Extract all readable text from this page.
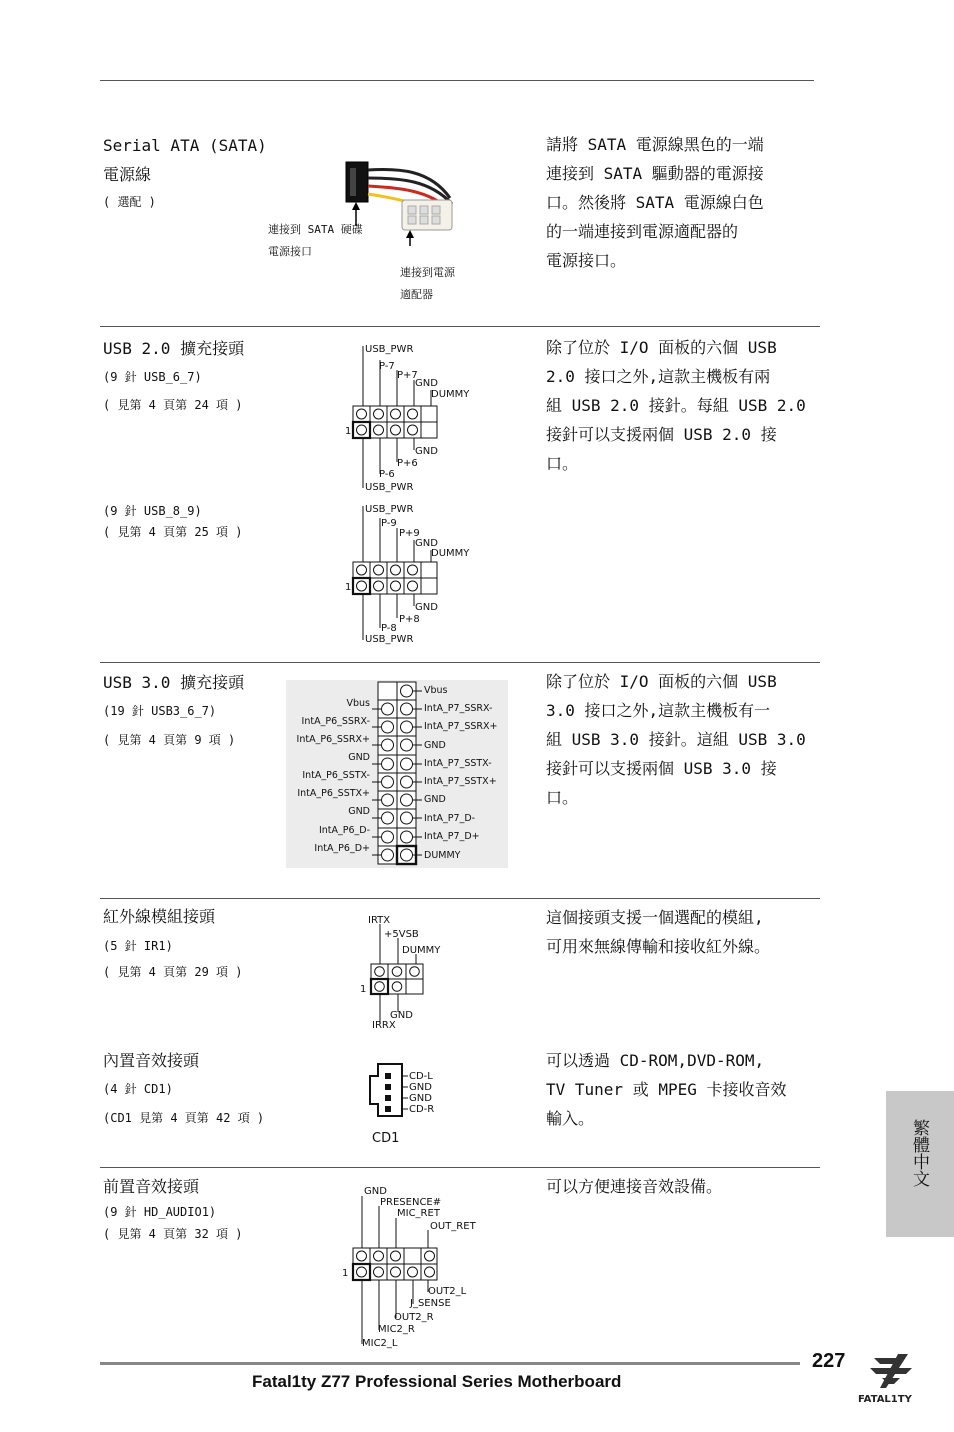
Serial ATA (SATA)
電源線
( 選配 )
連接到 SATA 硬碟
電源接口
連接到電源
適配器
請將 SATA 電源線黑色的一端
連接到 SATA 驅動器的電源接
口。然後將 SATA 電源線白色
的一端連接到電源適配器的
電源接口。
USB 2.0 擴充接頭
(9 針 USB_6_7)
( 見第 4 頁第 24 項 )
(9 針 USB_8_9)
( 見第 4 頁第 25 項 )
USB_PWR
P-7
P+7
GND
DUMMY
GND
P+6
P-6
USB_PWR
1
USB_PWR
P-9
P+9
GND
DUMMY
GND
P+8
P-8
USB_PWR
1
除了位於 I/O 面板的六個 USB
2.0 接口之外,這款主機板有兩
組 USB 2.0 接針。每組 USB 2.0
接針可以支援兩個 USB 2.0 接
口。
USB 3.0 擴充接頭
(19 針 USB3_6_7)
( 見第 4 頁第 9 項 )
Vbus
IntA_P6_SSRX-
IntA_P6_SSRX+
GND
IntA_P6_SSTX-
IntA_P6_SSTX+
GND
IntA_P6_D-
IntA_P6_D+
Vbus
IntA_P7_SSRX-
IntA_P7_SSRX+
GND
IntA_P7_SSTX-
IntA_P7_SSTX+
GND
IntA_P7_D-
IntA_P7_D+
DUMMY
除了位於 I/O 面板的六個 USB
3.0 接口之外,這款主機板有一
組 USB 3.0 接針。這組 USB 3.0
接針可以支援兩個 USB 3.0 接
口。
紅外線模組接頭
(5 針 IR1)
( 見第 4 頁第 29 項 )
IRTX
+5VSB
DUMMY
GND
IRRX
1
這個接頭支援一個選配的模組,
可用來無線傳輸和接收紅外線。
內置音效接頭
(4 針 CD1)
(CD1 見第 4 頁第 42 項 )
CD-L
GND
GND
CD-R
CD1
可以透過 CD-ROM,DVD-ROM,
TV Tuner 或 MPEG 卡接收音效
輸入。
前置音效接頭
(9 針 HD_AUDIO1)
( 見第 4 頁第 32 項 )
GND
PRESENCE#
MIC_RET
OUT_RET
OUT2_L
J_SENSE
OUT2_R
MIC2_R
MIC2_L
1
可以方便連接音效設備。	繁體中文
227
Fatal1ty Z77 Professional Series Motherboard
FATAL1TY
